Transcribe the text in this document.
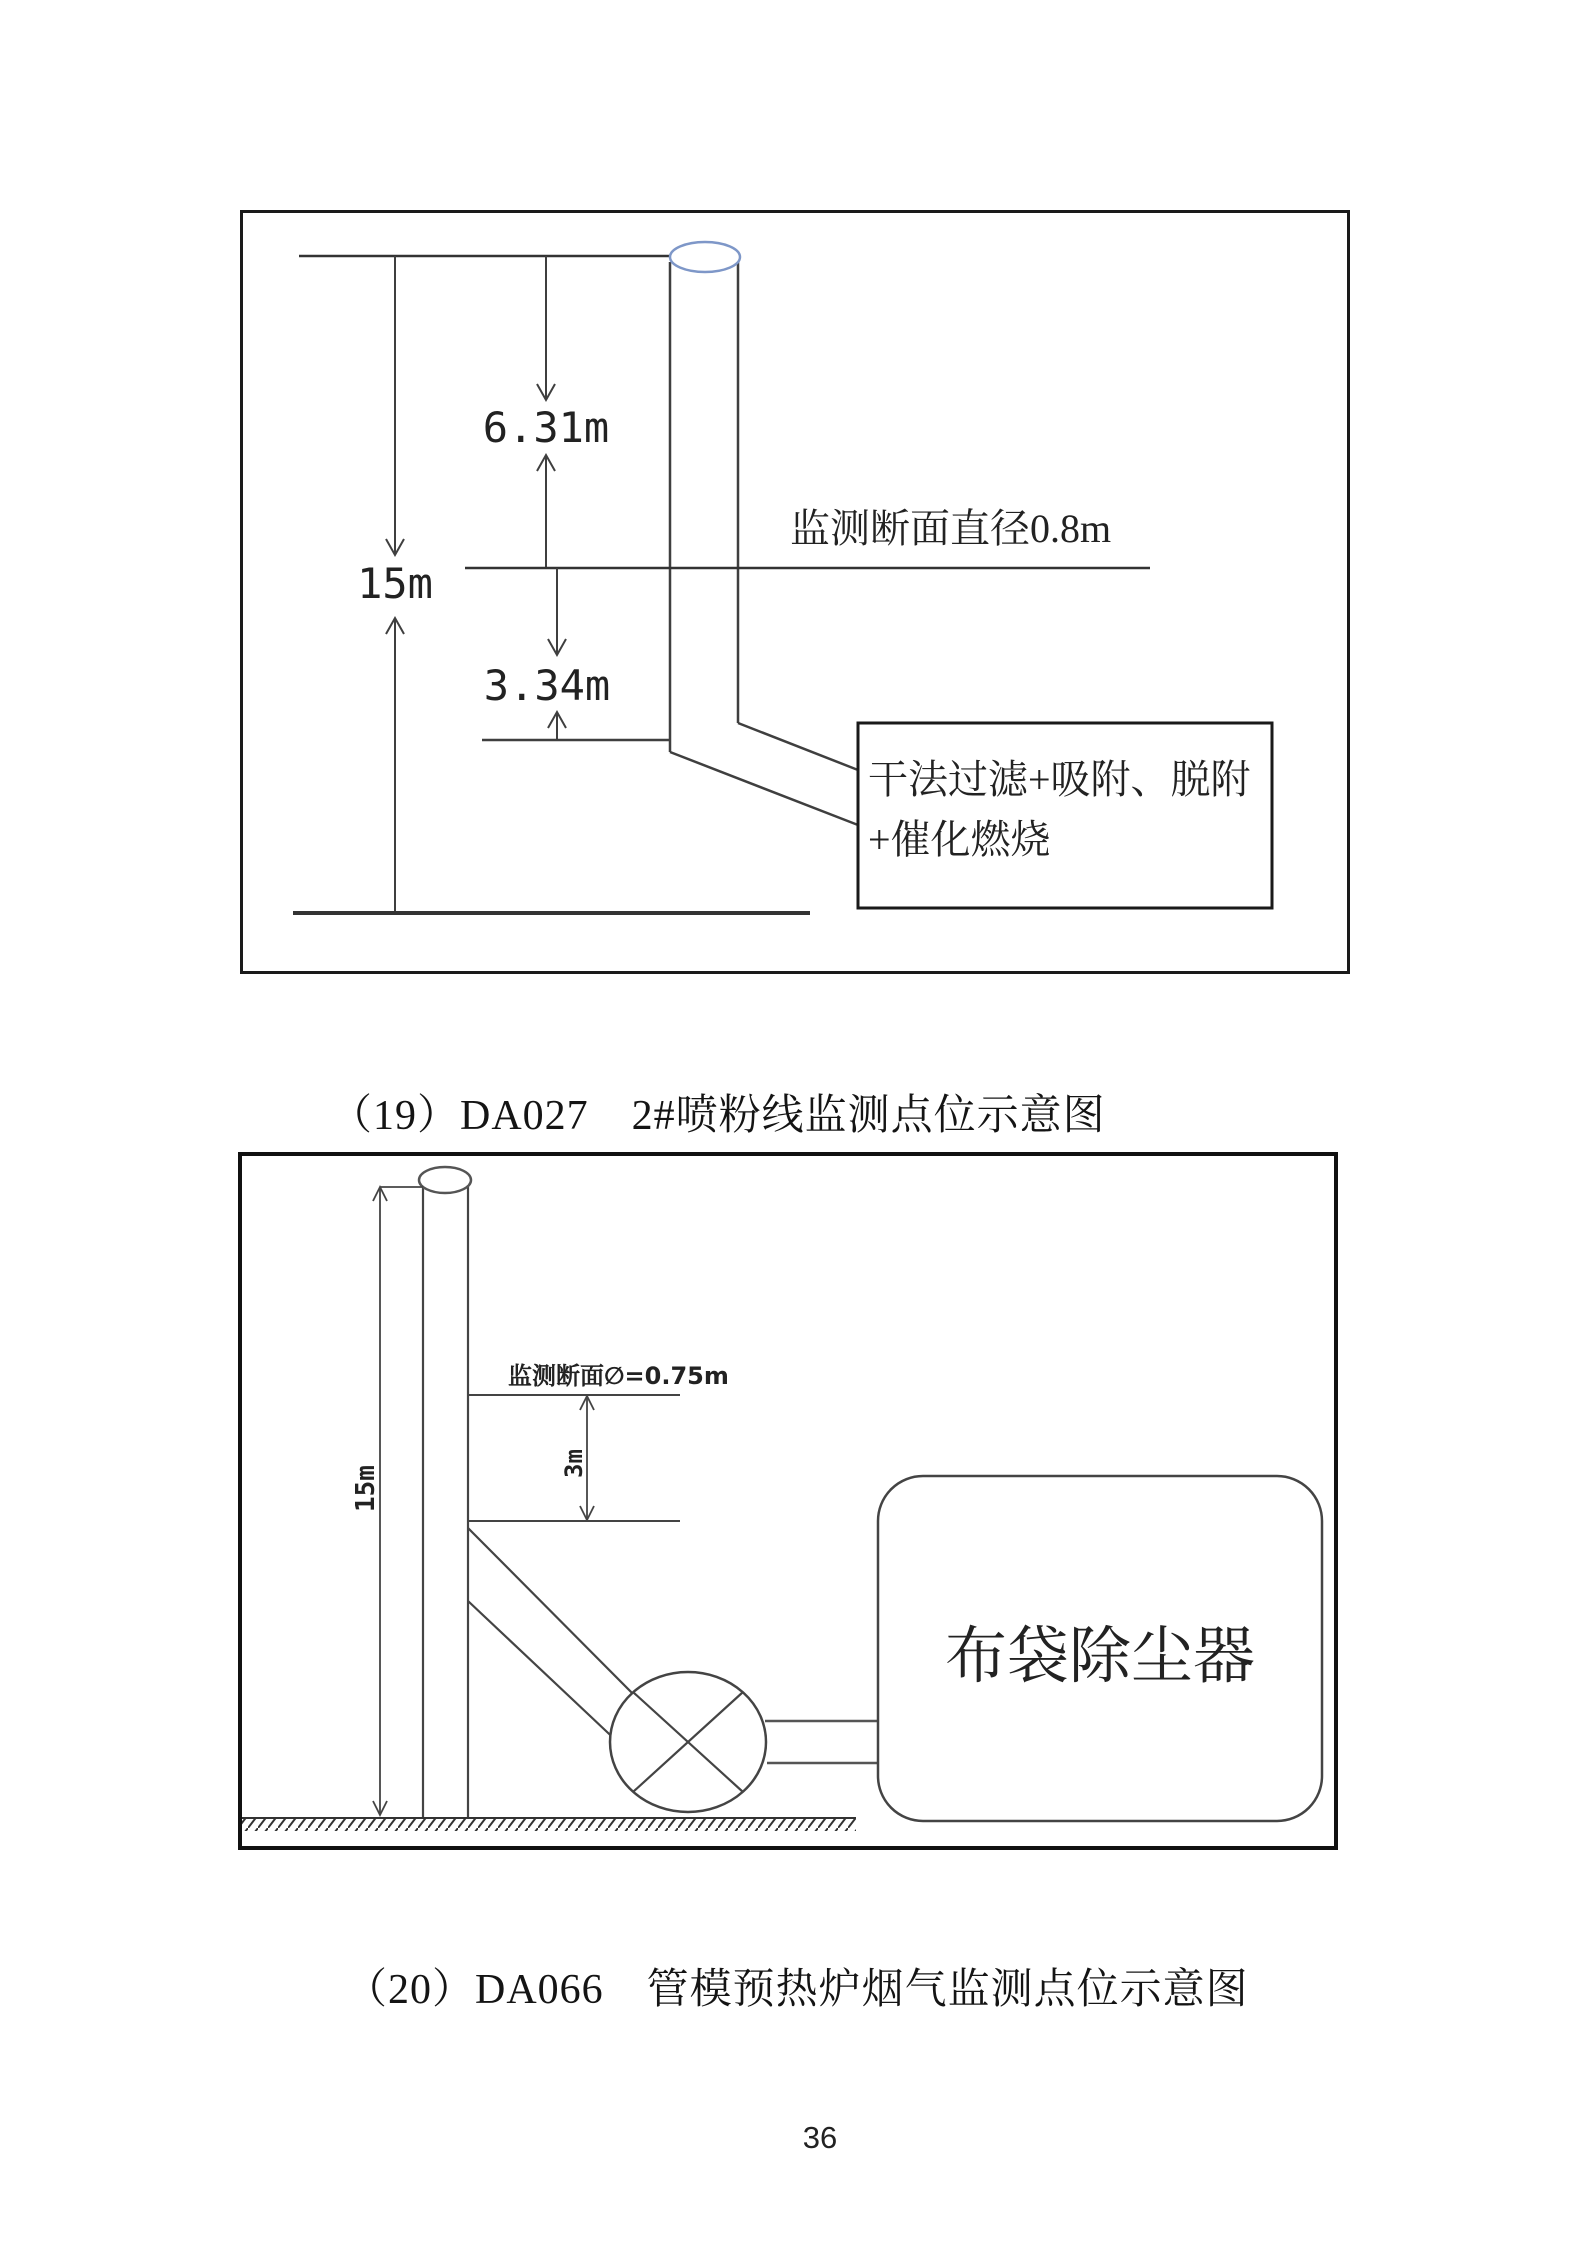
15m
6.31m
监测断面直径0.8m
3.34m
干法过滤+吸附、脱附
+催化燃烧
（19）DA027　2#喷粉线监测点位示意图
15m
监测断面∅=0.75m
3m
布袋除尘器
（20）DA066　管模预热炉烟气监测点位示意图
36
